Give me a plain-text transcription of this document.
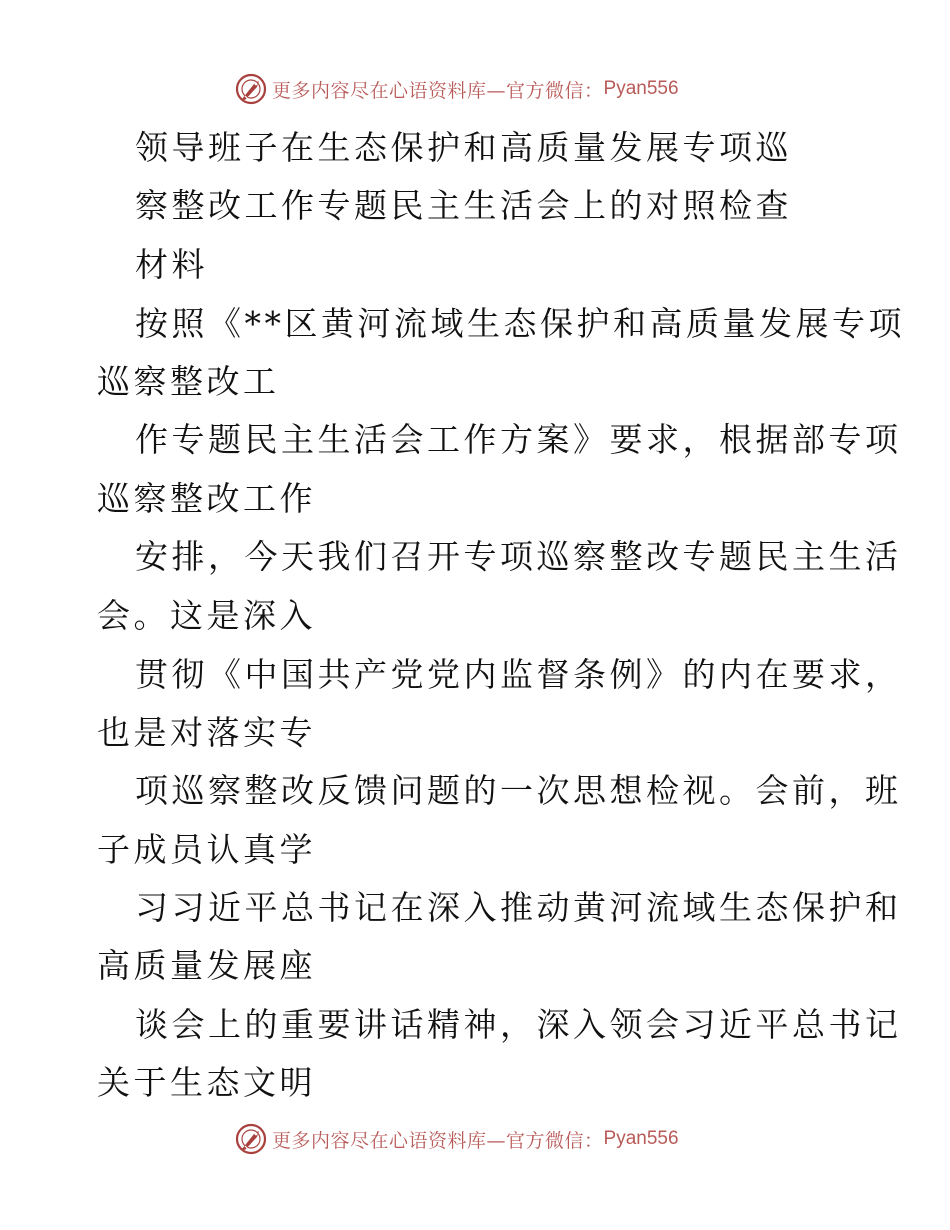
更多内容尽在心语资料库—官方微信： Pyan556
领导班子在生态保护和高质量发展专项巡
察整改工作专题民主生活会上的对照检查
材料
按照《**区黄河流域生态保护和高质量发展专项
巡察整改工
作专题民主生活会工作方案》要求，根据部专项
巡察整改工作
安排，今天我们召开专项巡察整改专题民主生活
会。这是深入
贯彻《中国共产党党内监督条例》的内在要求，
也是对落实专
项巡察整改反馈问题的一次思想检视。会前，班
子成员认真学
习习近平总书记在深入推动黄河流域生态保护和
高质量发展座
谈会上的重要讲话精神，深入领会习近平总书记
关于生态文明
更多内容尽在心语资料库—官方微信： Pyan556
